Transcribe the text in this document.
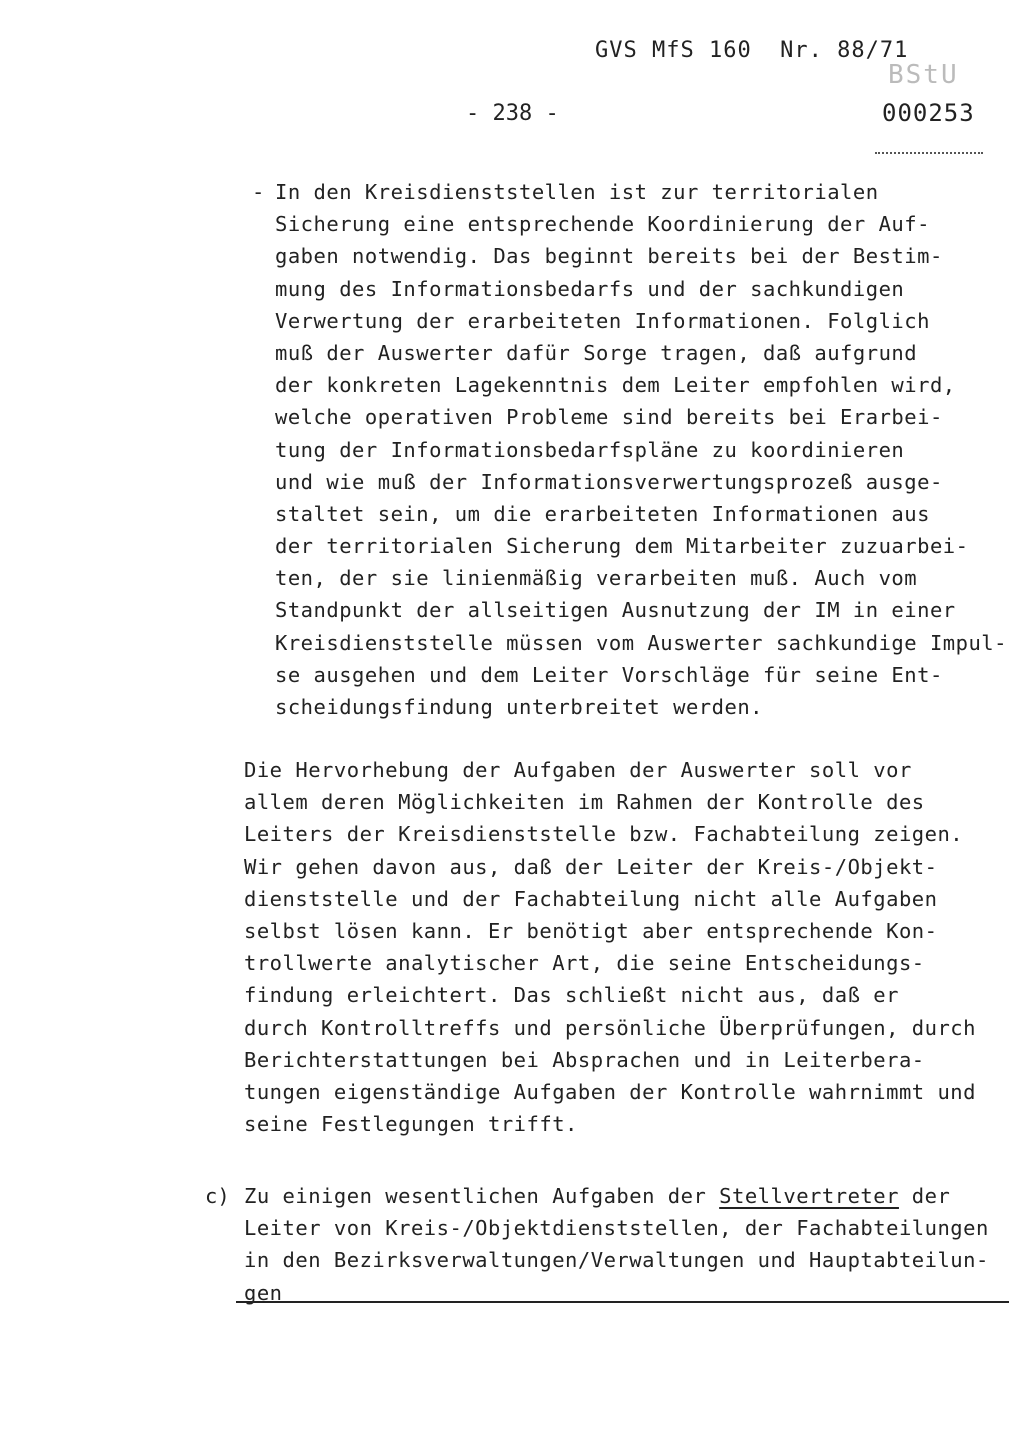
GVS MfS 160  Nr. 88/71
BStU
- 238 -	000253
- In den Kreisdienststellen ist zur territorialen
Sicherung eine entsprechende Koordinierung der Auf-
gaben notwendig. Das beginnt bereits bei der Bestim-
mung des Informationsbedarfs und der sachkundigen
Verwertung der erarbeiteten Informationen. Folglich
muß der Auswerter dafür Sorge tragen, daß aufgrund
der konkreten Lagekenntnis dem Leiter empfohlen wird,
welche operativen Probleme sind bereits bei Erarbei-
tung der Informationsbedarfspläne zu koordinieren
und wie muß der Informationsverwertungsprozeß ausge-
staltet sein, um die erarbeiteten Informationen aus
der territorialen Sicherung dem Mitarbeiter zuzuarbei-
ten, der sie linienmäßig verarbeiten muß. Auch vom
Standpunkt der allseitigen Ausnutzung der IM in einer
Kreisdienststelle müssen vom Auswerter sachkundige Impul-
se ausgehen und dem Leiter Vorschläge für seine Ent-
scheidungsfindung unterbreitet werden.
Die Hervorhebung der Aufgaben der Auswerter soll vor
allem deren Möglichkeiten im Rahmen der Kontrolle des
Leiters der Kreisdienststelle bzw. Fachabteilung zeigen.
Wir gehen davon aus, daß der Leiter der Kreis-/Objekt-
dienststelle und der Fachabteilung nicht alle Aufgaben
selbst lösen kann. Er benötigt aber entsprechende Kon-
trollwerte analytischer Art, die seine Entscheidungs-
findung erleichtert. Das schließt nicht aus, daß er
durch Kontrolltreffs und persönliche Überprüfungen, durch
Berichterstattungen bei Absprachen und in Leiterbera-
tungen eigenständige Aufgaben der Kontrolle wahrnimmt und
seine Festlegungen trifft.
c) Zu einigen wesentlichen Aufgaben der Stellvertreter der
Leiter von Kreis-/Objektdienststellen, der Fachabteilungen
in den Bezirksverwaltungen/Verwaltungen und Hauptabteilun-
gen
